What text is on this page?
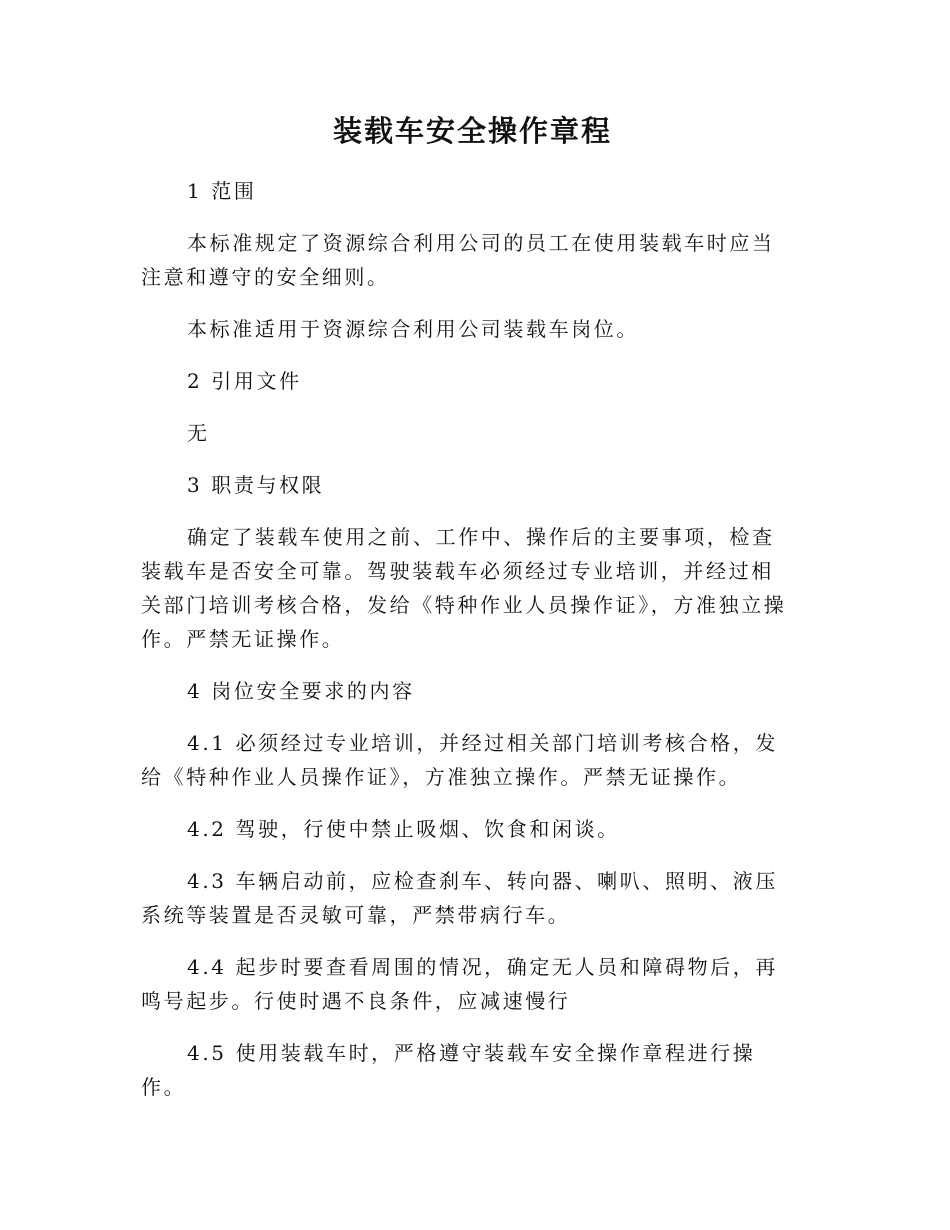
装载车安全操作章程

1 范围

本标准规定了资源综合利用公司的员工在使用装载车时应当注意和遵守的安全细则。

本标准适用于资源综合利用公司装载车岗位。

2 引用文件

无

3 职责与权限

确定了装载车使用之前、工作中、操作后的主要事项，检查装载车是否安全可靠。驾驶装载车必须经过专业培训，并经过相关部门培训考核合格，发给《特种作业人员操作证》，方准独立操作。严禁无证操作。

4 岗位安全要求的内容

4.1 必须经过专业培训，并经过相关部门培训考核合格，发给《特种作业人员操作证》，方准独立操作。严禁无证操作。

4.2 驾驶，行使中禁止吸烟、饮食和闲谈。

4.3 车辆启动前，应检查刹车、转向器、喇叭、照明、液压系统等装置是否灵敏可靠，严禁带病行车。

4.4 起步时要查看周围的情况，确定无人员和障碍物后，再鸣号起步。行使时遇不良条件，应减速慢行

4.5 使用装载车时，严格遵守装载车安全操作章程进行操作。
